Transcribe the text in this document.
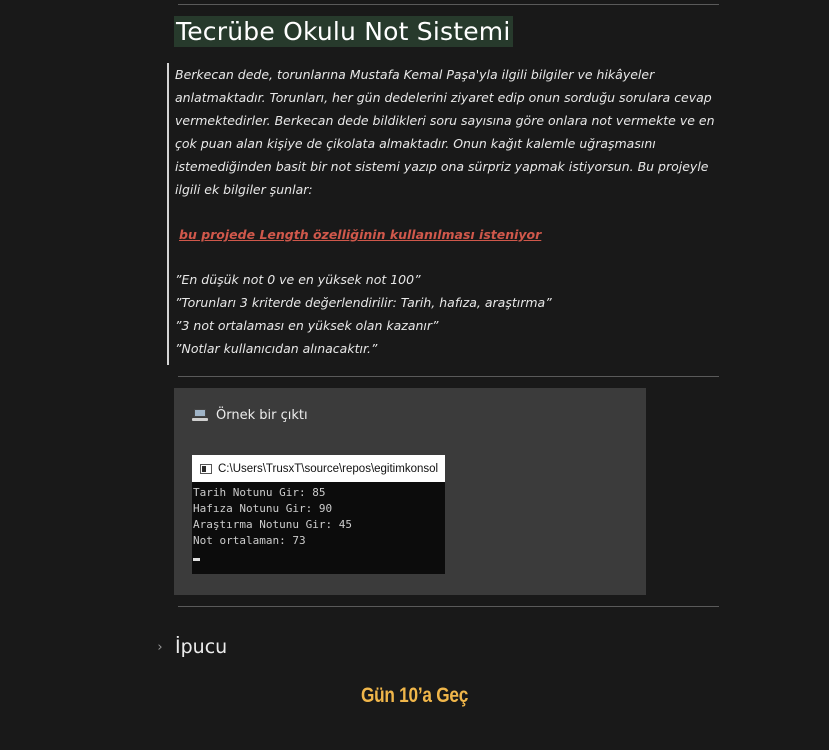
Tecrübe Okulu Not Sistemi

Berkecan dede, torunlarına Mustafa Kemal Paşa'yla ilgili bilgiler ve hikâyeler anlatmaktadır. Torunları, her gün dedelerini ziyaret edip onun sorduğu sorulara cevap vermektedirler. Berkecan dede bildikleri soru sayısına göre onlara not vermekte ve en çok puan alan kişiye de çikolata almaktadır. Onun kağıt kalemle uğraşmasını istemediğinden basit bir not sistemi yazıp ona sürpriz yapmak istiyorsun. Bu projeyle ilgili ek bilgiler şunlar:

bu projede Length özelliğinin kullanılması isteniyor

”En düşük not 0 ve en yüksek not 100”

”Torunları 3 kriterde değerlendirilir: Tarih, hafıza, araştırma”

”3 not ortalaması en yüksek olan kazanır”

”Notlar kullanıcıdan alınacaktır.”

Örnek bir çıktı
C:\Users\TrusxT\source\repos\egitimkonsol
Tarih Notunu Gir: 85
Hafıza Notunu Gir: 90
Araştırma Notunu Gir: 45
Not ortalaman: 73
› İpucu
Gün 10’a Geç
